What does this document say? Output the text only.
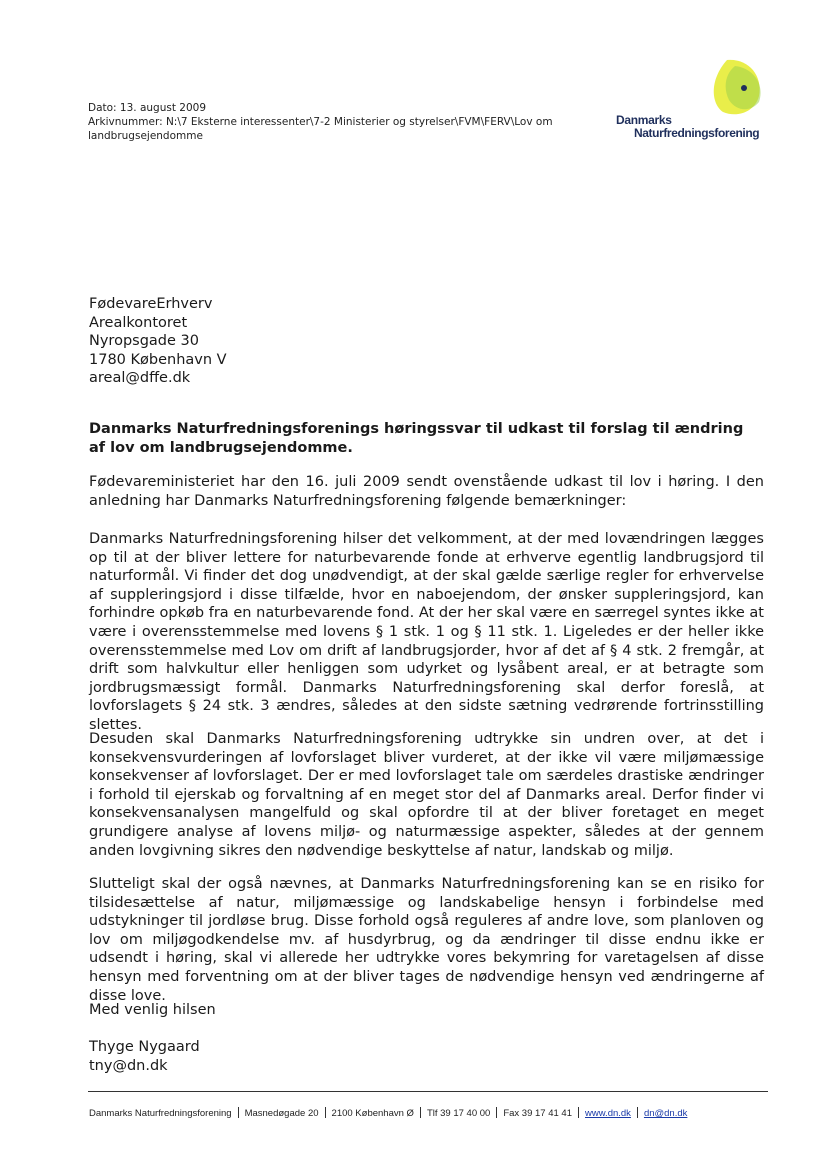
Dato: 13. august 2009
Arkivnummer: N:\7 Eksterne interessenter\7-2 Ministerier og styrelser\FVM\FERV\Lov om
landbrugsejendomme
Danmarks
Naturfredningsforening
FødevareErhverv
Arealkontoret
Nyropsgade 30
1780 København V
areal@dffe.dk
Danmarks Naturfredningsforenings høringssvar til udkast til forslag til ændring af lov om landbrugsejendomme.
Fødevareministeriet har den 16. juli 2009 sendt ovenstående udkast til lov i høring. I den anledning har Danmarks Naturfredningsforening følgende bemærkninger:
Danmarks Naturfredningsforening hilser det velkomment, at der med lovændringen lægges op til at der bliver lettere for naturbevarende fonde at erhverve egentlig landbrugsjord til naturformål. Vi finder det dog unødvendigt, at der skal gælde særlige regler for erhvervelse af suppleringsjord i disse tilfælde, hvor en naboejendom, der ønsker suppleringsjord, kan forhindre opkøb fra en naturbevarende fond. At der her skal være en særregel syntes ikke at være i overensstemmelse med lovens § 1 stk. 1 og § 11 stk. 1. Ligeledes er der heller ikke overensstemmelse med Lov om drift af landbrugsjorder, hvor af det af § 4 stk. 2 fremgår, at drift som halvkultur eller henliggen som udyrket og lysåbent areal, er at betragte som jordbrugsmæssigt formål. Danmarks Naturfredningsforening skal derfor foreslå, at lovforslagets § 24 stk. 3 ændres, således at den sidste sætning vedrørende fortrinsstilling slettes.
Desuden skal Danmarks Naturfredningsforening udtrykke sin undren over, at det i konsekvensvurderingen af lovforslaget bliver vurderet, at der ikke vil være miljømæssige konsekvenser af lovforslaget. Der er med lovforslaget tale om særdeles drastiske ændringer i forhold til ejerskab og forvaltning af en meget stor del af Danmarks areal. Derfor finder vi konsekvensanalysen mangelfuld og skal opfordre til at der bliver foretaget en meget grundigere analyse af lovens miljø- og naturmæssige aspekter, således at der gennem anden lovgivning sikres den nødvendige beskyttelse af natur, landskab og miljø.
Slutteligt skal der også nævnes, at Danmarks Naturfredningsforening kan se en risiko for tilsidesættelse af natur, miljømæssige og landskabelige hensyn i forbindelse med udstykninger til jordløse brug. Disse forhold også reguleres af andre love, som planloven og lov om miljøgodkendelse mv. af husdyrbrug, og da ændringer til disse endnu ikke er udsendt i høring, skal vi allerede her udtrykke vores bekymring for varetagelsen af disse hensyn med forventning om at der bliver tages de nødvendige hensyn ved ændringerne af disse love.
Med venlig hilsen
Thyge Nygaard
tny@dn.dk
Danmarks Naturfredningsforening Masnedøgade 20 2100 København Ø Tlf 39 17 40 00 Fax 39 17 41 41 www.dn.dk dn@dn.dk
